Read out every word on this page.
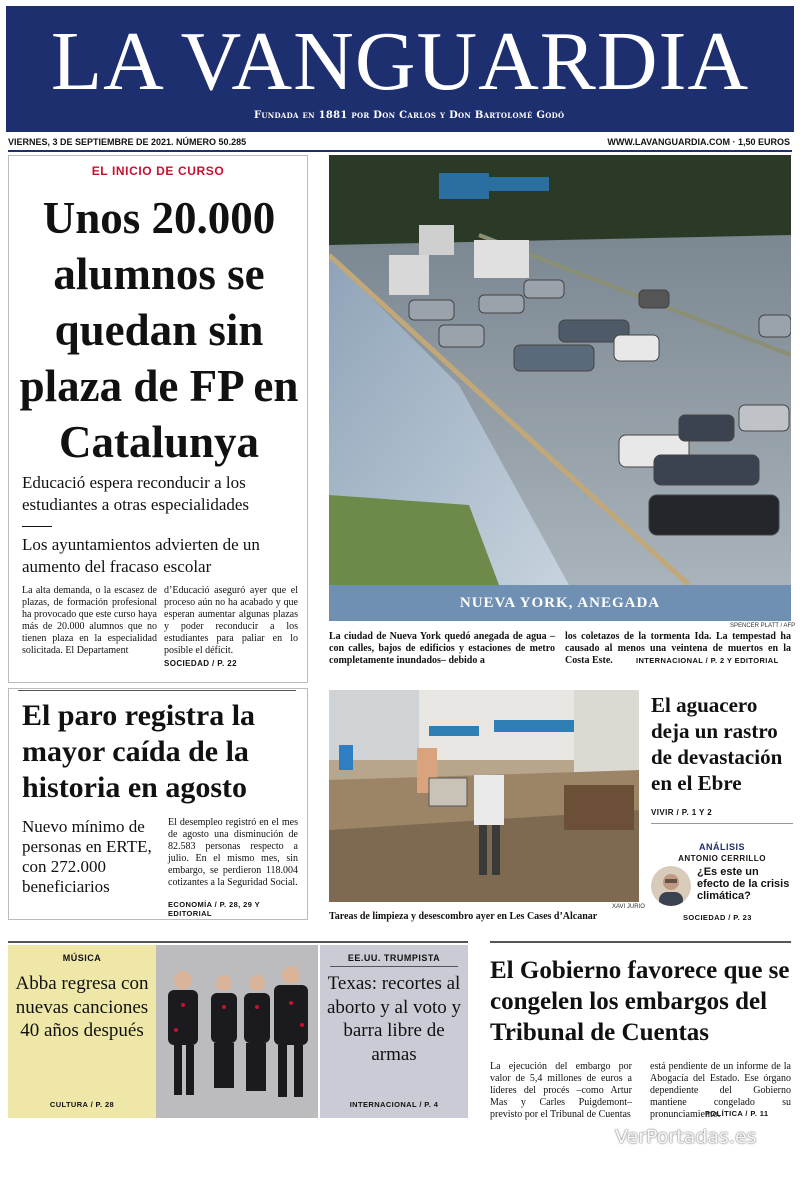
LA VANGUARDIA
Fundada en 1881 por Don Carlos y Don Bartolomé Godó
VIERNES, 3 DE SEPTIEMBRE DE 2021. NÚMERO 50.285	WWW.LAVANGUARDIA.COM · 1,50 EUROS
EL INICIO DE CURSO
Unos 20.000 alumnos se quedan sin plaza de FP en Catalunya
Educació espera reconducir a los estudiantes a otras especialidades
Los ayuntamientos advierten de un aumento del fracaso escolar
La alta demanda, o la escasez de plazas, de formación profesional ha provocado que este curso haya más de 20.000 alumnos que no tienen plaza en la especialidad solicitada. El Departament
d’Educació aseguró ayer que el proceso aún no ha acabado y que esperan aumentar algunas plazas y poder reconducir a los estudiantes para paliar en lo posible el déficit.
SOCIEDAD / P. 22
NUEVA YORK, ANEGADA
SPENCER PLATT / AFP
La ciudad de Nueva York quedó anegada de agua –con calles, bajos de edificios y estaciones de metro completamente inundados– debido a
los coletazos de la tormenta Ida. La tempestad ha causado al menos una veintena de muertos en la Costa Este.	INTERNACIONAL / P. 2 Y EDITORIAL
El paro registra la mayor caída de la historia en agosto
Nuevo mínimo de personas en ERTE, con 272.000 beneficiarios
El desempleo registró en el mes de agosto una disminución de 82.583 personas respecto a julio. En el mismo mes, sin embargo, se perdieron 118.004 cotizantes a la Seguridad Social.
ECONOMÍA / P. 28, 29 Y EDITORIAL
XAVI JURIO
Tareas de limpieza y desescombro ayer en Les Cases d’Alcanar
El aguacero deja un rastro de devastación en el Ebre
VIVIR / P. 1 Y 2
ANÁLISIS
ANTONIO CERRILLO
¿Es este un efecto de la crisis climática?
SOCIEDAD / P. 23
MÚSICA
Abba regresa con nuevas canciones 40 años después
CULTURA / P. 28
EE.UU. TRUMPISTA
Texas: recortes al aborto y al voto y barra libre de armas
INTERNACIONAL / P. 4
El Gobierno favorece que se congelen los embargos del Tribunal de Cuentas
La ejecución del embargo por valor de 5,4 millones de euros a líderes del procés –como Artur Mas y Carles Puigdemont– previsto por el Tribunal de Cuentas
está pendiente de un informe de la Abogacía del Estado. Ese órgano dependiente del Gobierno mantiene congelado su pronunciamiento.
POLÍTICA / P. 11
VerPortadas.es
